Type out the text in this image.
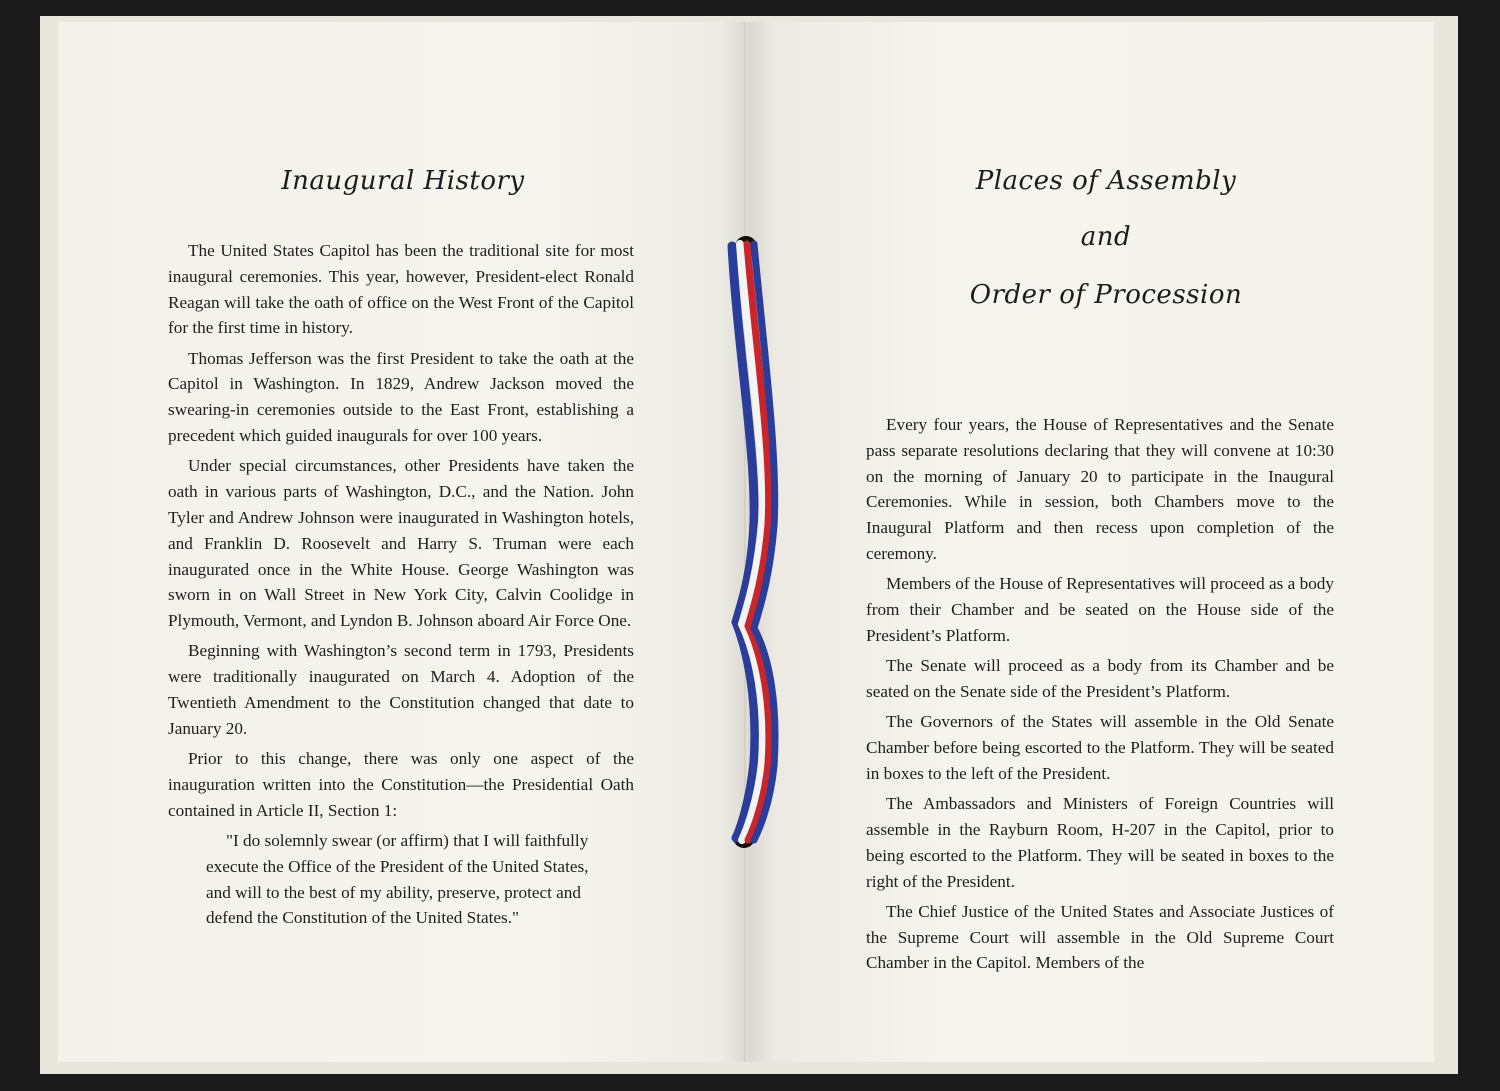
Inaugural History

The United States Capitol has been the traditional site for most inaugural ceremonies. This year, however, President-elect Ronald Reagan will take the oath of office on the West Front of the Capitol for the first time in history.

Thomas Jefferson was the first President to take the oath at the Capitol in Washington. In 1829, Andrew Jackson moved the swearing-in ceremonies outside to the East Front, establishing a precedent which guided inaugurals for over 100 years.

Under special circumstances, other Presidents have taken the oath in various parts of Washington, D.C., and the Nation. John Tyler and Andrew Johnson were inaugurated in Washington hotels, and Franklin D. Roosevelt and Harry S. Truman were each inaugurated once in the White House. George Washington was sworn in on Wall Street in New York City, Calvin Coolidge in Plymouth, Vermont, and Lyndon B. Johnson aboard Air Force One.

Beginning with Washington’s second term in 1793, Presidents were traditionally inaugurated on March 4. Adoption of the Twentieth Amendment to the Constitution changed that date to January 20.

Prior to this change, there was only one aspect of the inauguration written into the Constitution—the Presidential Oath contained in Article II, Section 1:

"I do solemnly swear (or affirm) that I will faithfully execute the Office of the President of the United States, and will to the best of my ability, preserve, protect and defend the Constitution of the United States."

Places of Assembly
and
Order of Procession

Every four years, the House of Representatives and the Senate pass separate resolutions declaring that they will convene at 10:30 on the morning of January 20 to participate in the Inaugural Ceremonies. While in session, both Chambers move to the Inaugural Platform and then recess upon completion of the ceremony.

Members of the House of Representatives will proceed as a body from their Chamber and be seated on the House side of the President’s Platform.

The Senate will proceed as a body from its Chamber and be seated on the Senate side of the President’s Platform.

The Governors of the States will assemble in the Old Senate Chamber before being escorted to the Platform. They will be seated in boxes to the left of the President.

The Ambassadors and Ministers of Foreign Countries will assemble in the Rayburn Room, H-207 in the Capitol, prior to being escorted to the Platform. They will be seated in boxes to the right of the President.

The Chief Justice of the United States and Associate Justices of the Supreme Court will assemble in the Old Supreme Court Chamber in the Capitol. Members of the
